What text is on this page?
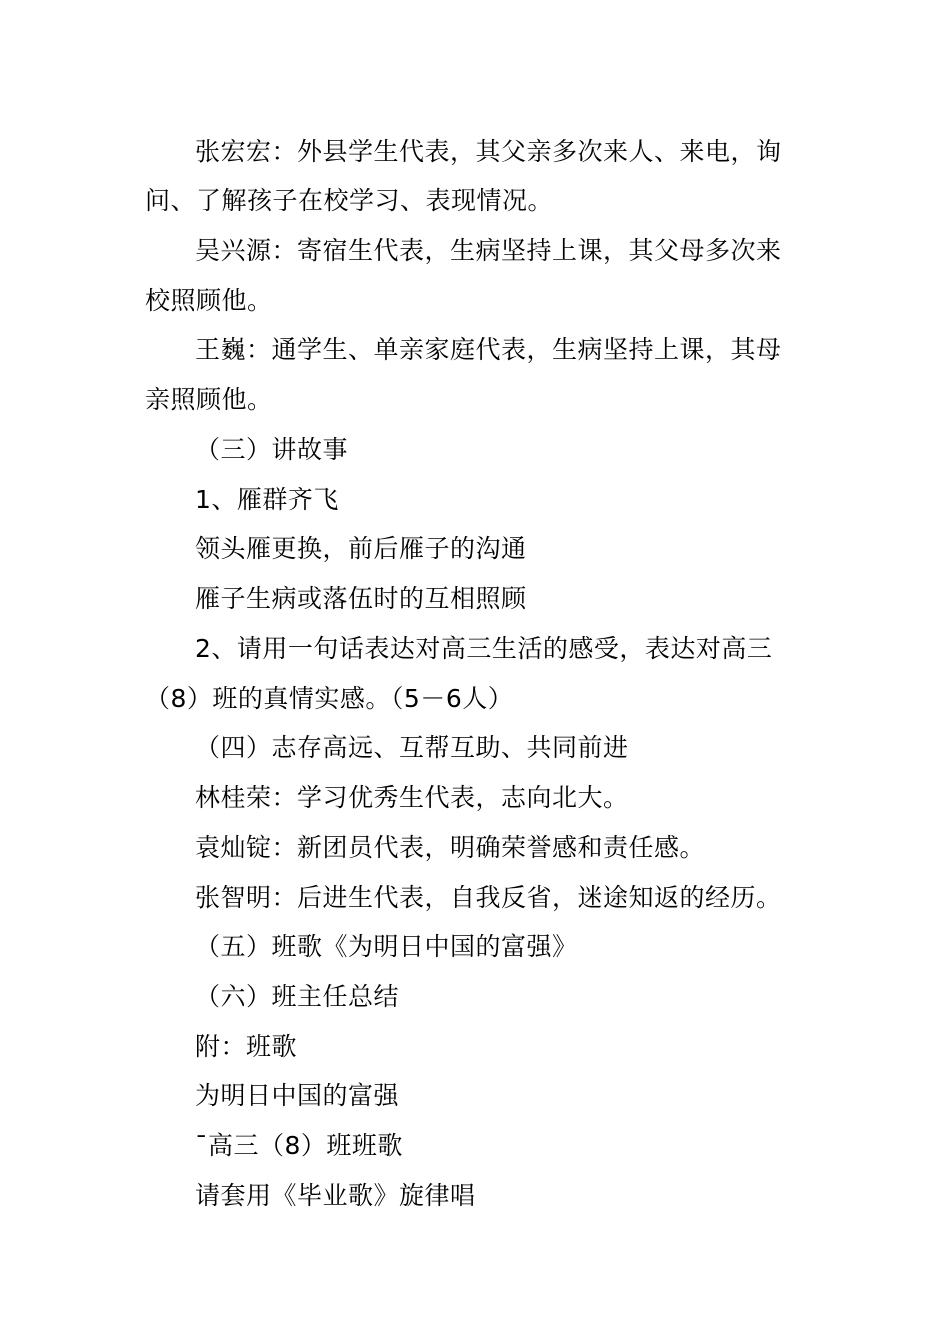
张宏宏：外县学生代表，其父亲多次来人、来电，询
问、了解孩子在校学习、表现情况。
吴兴源：寄宿生代表，生病坚持上课，其父母多次来
校照顾他。
王巍：通学生、单亲家庭代表，生病坚持上课，其母
亲照顾他。
（三）讲故事
1、雁群齐飞
领头雁更换，前后雁子的沟通
雁子生病或落伍时的互相照顾
2、请用一句话表达对高三生活的感受，表达对高三
（8）班的真情实感。（5－6人）
（四）志存高远、互帮互助、共同前进
林桂荣：学习优秀生代表，志向北大。
袁灿锭：新团员代表，明确荣誉感和责任感。
张智明：后进生代表，自我反省，迷途知返的经历。
（五）班歌《为明日中国的富强》
（六）班主任总结
附：班歌
为明日中国的富强
¯高三（8）班班歌
请套用《毕业歌》旋律唱
